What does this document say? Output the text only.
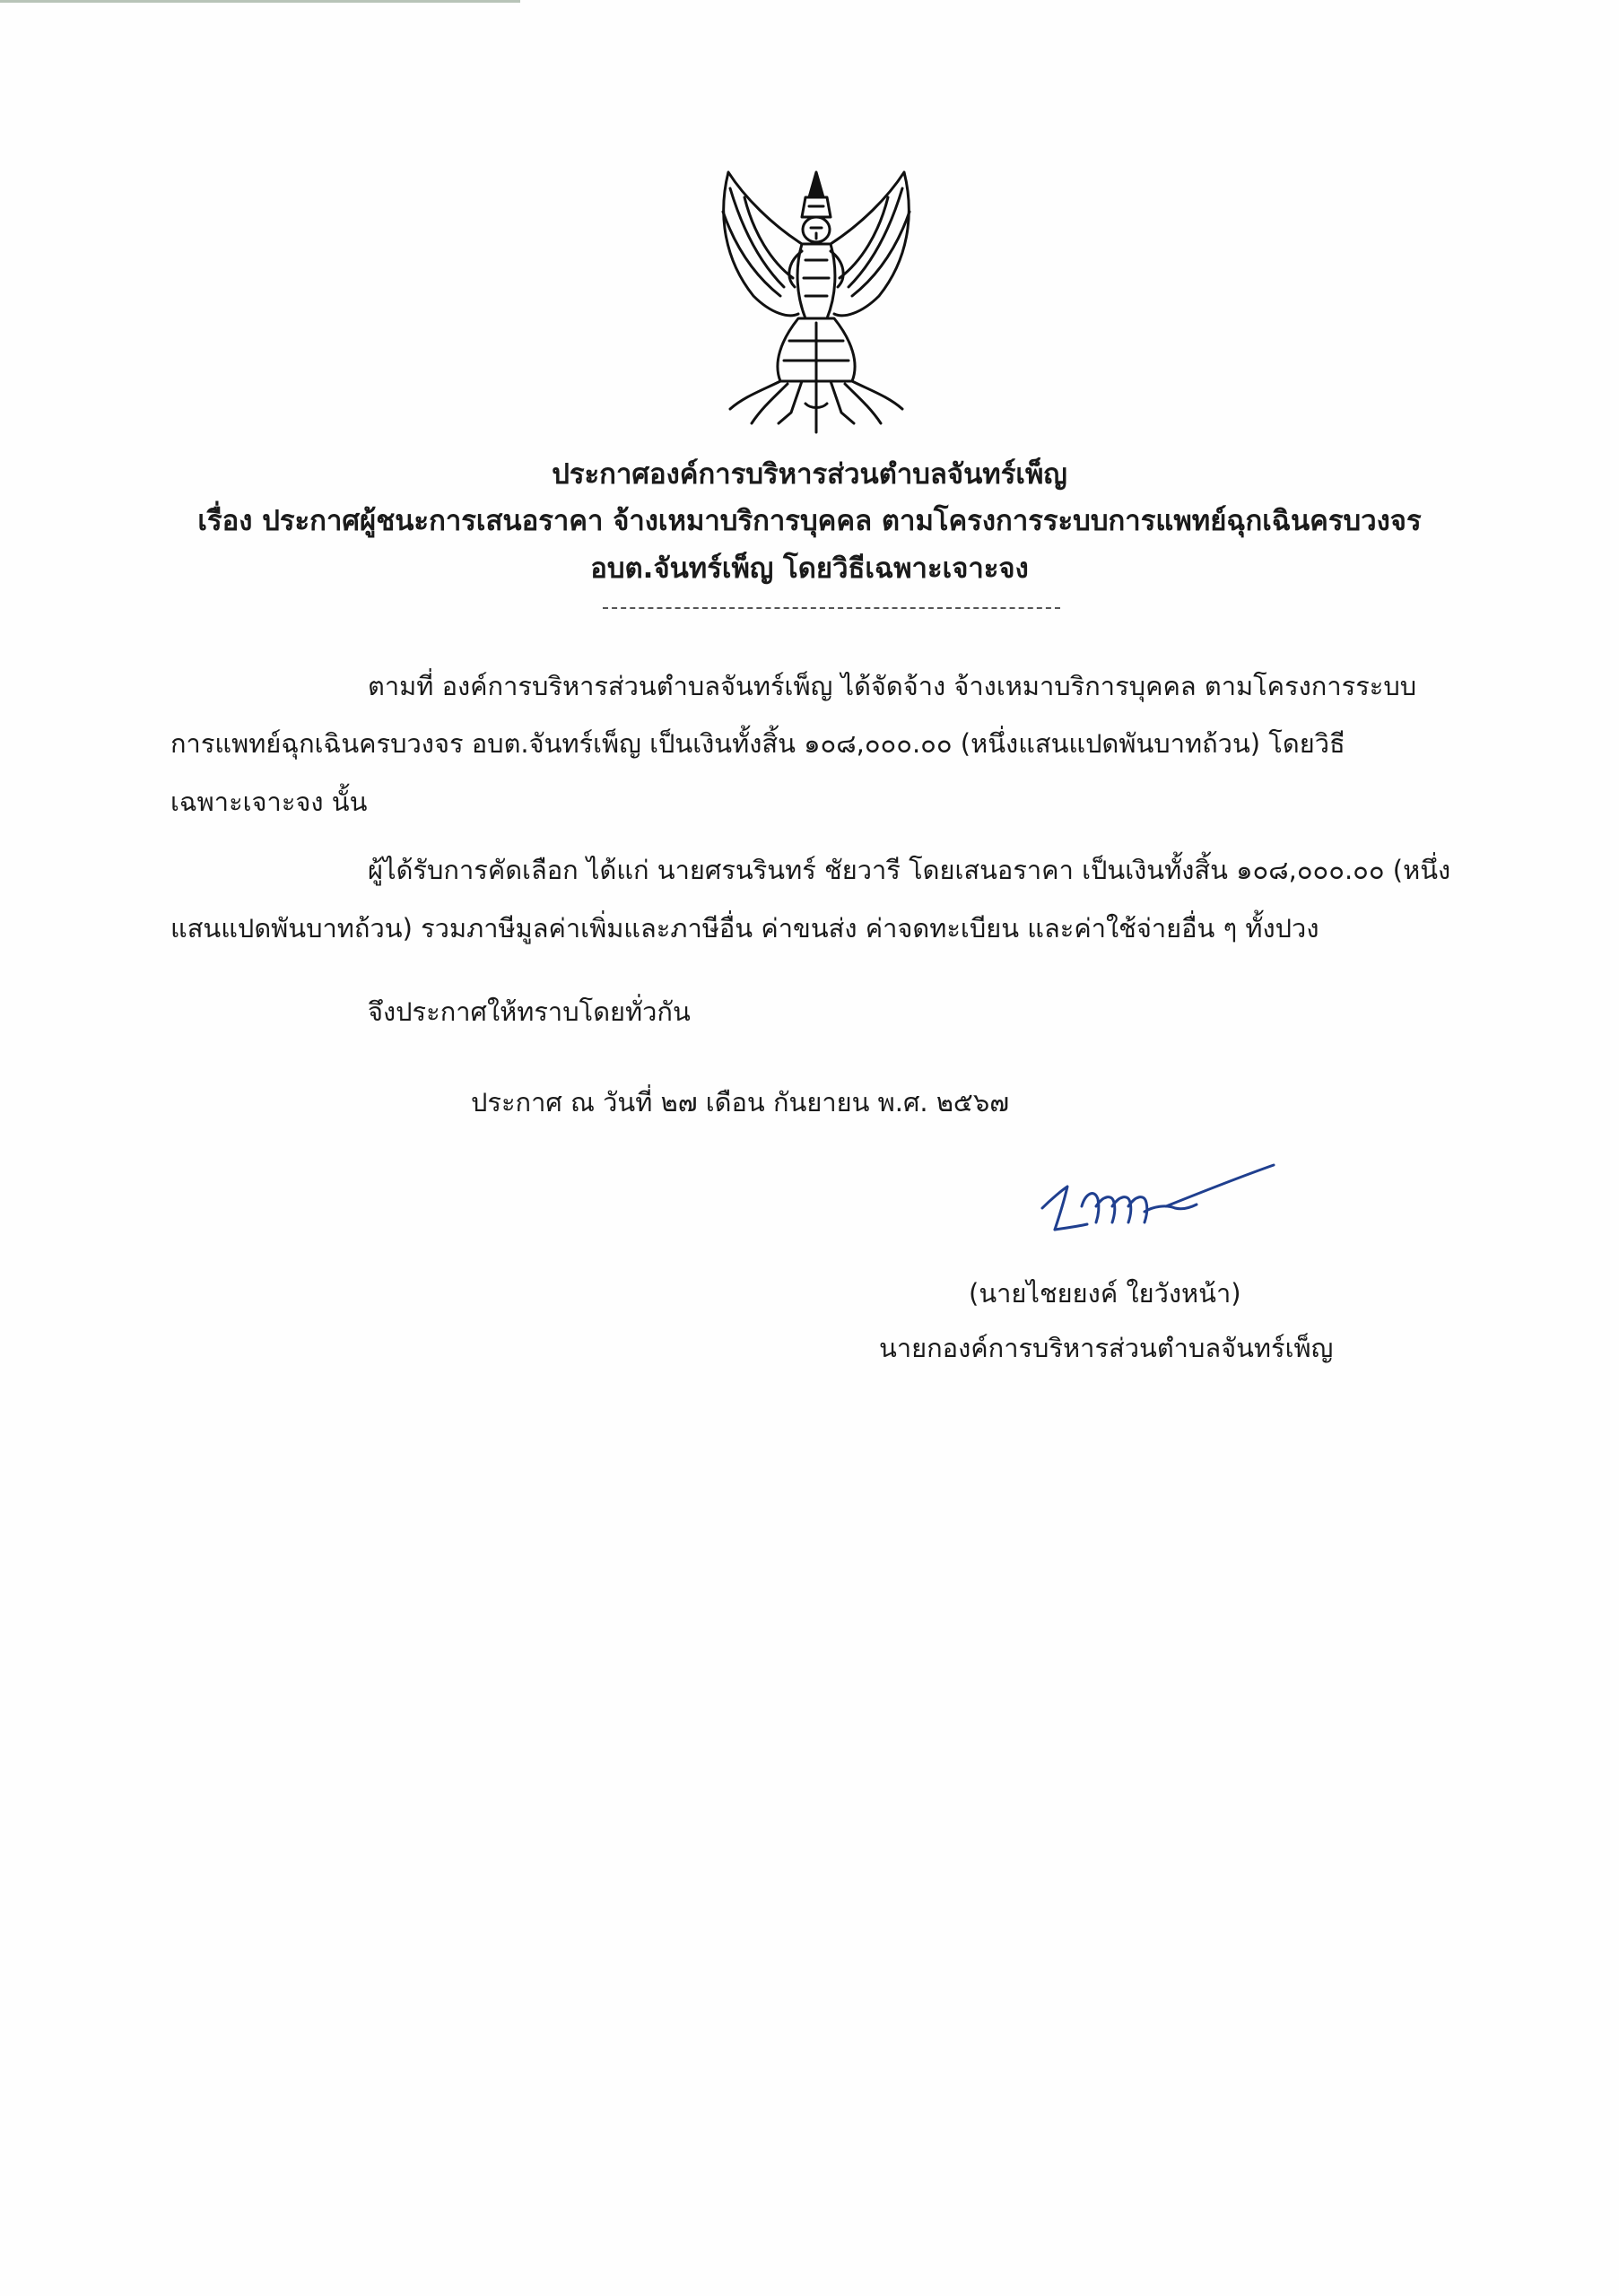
ประกาศองค์การบริหารส่วนตำบลจันทร์เพ็ญ
เรื่อง ประกาศผู้ชนะการเสนอราคา จ้างเหมาบริการบุคคล ตามโครงการระบบการแพทย์ฉุกเฉินครบวงจร
อบต.จันทร์เพ็ญ โดยวิธีเฉพาะเจาะจง
ตามที่ องค์การบริหารส่วนตำบลจันทร์เพ็ญ ได้จัดจ้าง จ้างเหมาบริการบุคคล ตามโครงการระบบ
การแพทย์ฉุกเฉินครบวงจร อบต.จันทร์เพ็ญ เป็นเงินทั้งสิ้น ๑๐๘,๐๐๐.๐๐ (หนึ่งแสนแปดพันบาทถ้วน) โดยวิธี
เฉพาะเจาะจง นั้น
ผู้ได้รับการคัดเลือก ได้แก่ นายศรนรินทร์ ชัยวารี โดยเสนอราคา เป็นเงินทั้งสิ้น ๑๐๘,๐๐๐.๐๐ (หนึ่ง
แสนแปดพันบาทถ้วน) รวมภาษีมูลค่าเพิ่มและภาษีอื่น ค่าขนส่ง ค่าจดทะเบียน และค่าใช้จ่ายอื่น ๆ ทั้งปวง
จึงประกาศให้ทราบโดยทั่วกัน
ประกาศ ณ วันที่ ๒๗ เดือน กันยายน พ.ศ. ๒๕๖๗
(นายไชยยงค์ ใยวังหน้า)
นายกองค์การบริหารส่วนตำบลจันทร์เพ็ญ
